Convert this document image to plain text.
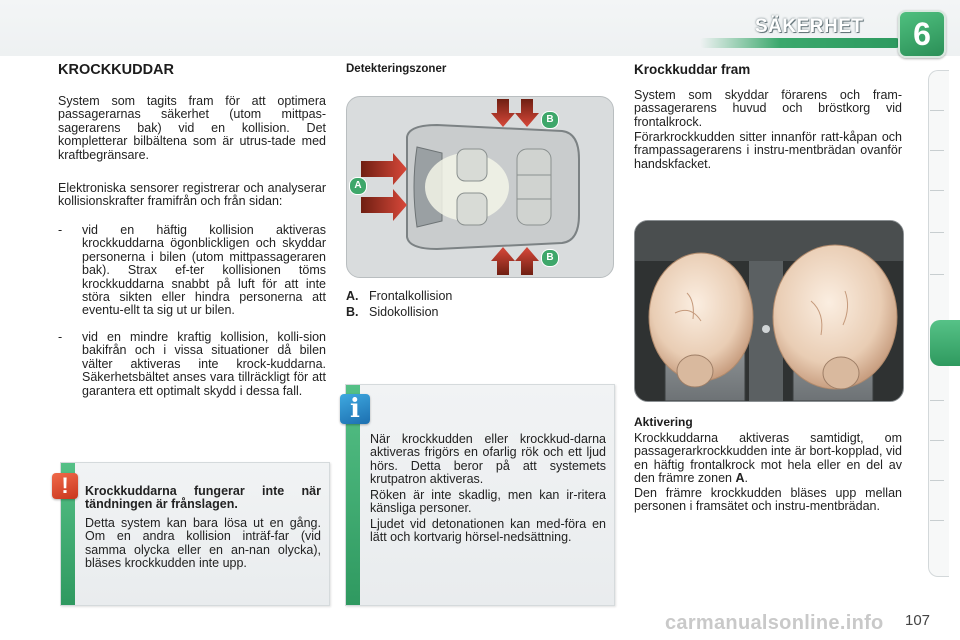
SÄKERHET	6
KROCKKUDDAR
System som tagits fram för att optimera passagerarnas säkerhet (utom mittpas-sagerarens bak) vid en kollision. Det kompletterar bilbältena som är utrus-tade med kraftbegränsare.
Elektroniska sensorer registrerar och analyserar kollisionskrafter framifrån och från sidan:
- vid en häftig kollision aktiveras krockkuddarna ögonblickligen och skyddar personerna i bilen (utom mittpassageraren bak). Strax ef-ter kollisionen töms krockkuddarna snabbt på luft för att inte störa sikten eller hindra personerna att eventu-ellt ta sig ut ur bilen.
- vid en mindre kraftig kollision, kolli-sion bakifrån och i vissa situationer då bilen välter aktiveras inte krock-kuddarna. Säkerhetsbältet anses vara tillräckligt för att garantera ett optimalt skydd i dessa fall.
Krockkuddarna fungerar inte när tändningen är frånslagen.
Detta system kan bara lösa ut en gång. Om en andra kollision inträf-far (vid samma olycka eller en an-nan olycka), bläses krockkudden inte upp.
!
Detekteringszoner
A
B
B
A. Frontalkollision
B. Sidokollision
När krockkudden eller krockkud-darna aktiveras frigörs en ofarlig rök och ett ljud hörs. Detta beror på att systemets krutpatron aktiveras.
Röken är inte skadlig, men kan ir-ritera känsliga personer.
Ljudet vid detonationen kan med-föra en lätt och kortvarig hörsel-nedsättning.
i
Krockkuddar fram
System som skyddar förarens och fram-passagerarens huvud och bröstkorg vid frontalkrock.
Förarkrockkudden sitter innanför ratt-kåpan och frampassagerarens i instru-mentbrädan ovanför handskfacket.
Aktivering
Krockkuddarna aktiveras samtidigt, om passagerarkrockkudden inte är bort-kopplad, vid en häftig frontalkrock mot hela eller en del av den främre zonen A.
Den främre krockkudden bläses upp mellan personen i framsätet och instru-mentbrädan.
carmanualsonline.info 107
